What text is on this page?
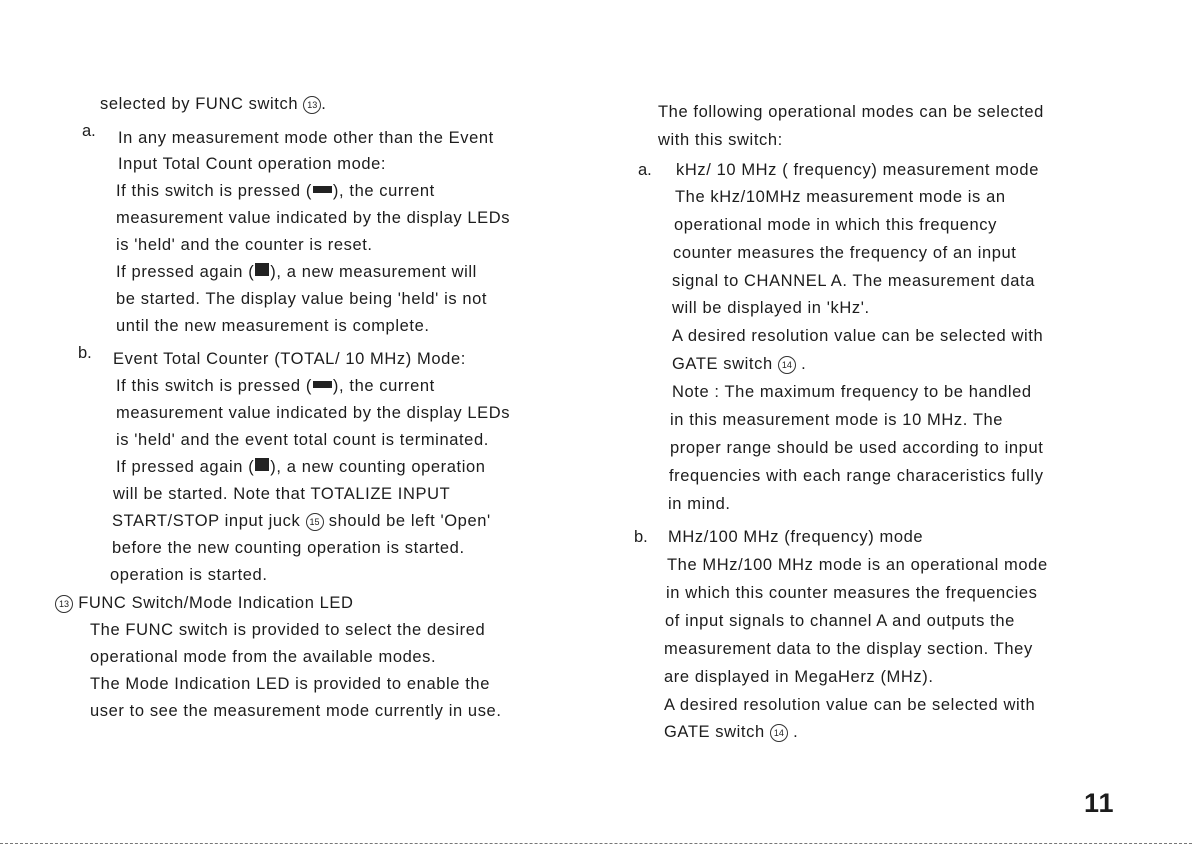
selected by FUNC switch 13 .
a. In any measurement mode other than the Event
Input Total Count operation mode:
If this switch is pressed ( ), the current
measurement value indicated by the display LEDs
is 'held' and the counter is reset.
If pressed again ( ), a new measurement will
be started. The display value being 'held' is not
until the new measurement is complete.
b. Event Total Counter (TOTAL/ 10 MHz) Mode:
If this switch is pressed ( ), the current
measurement value indicated by the display LEDs
is 'held' and the event total count is terminated.
If pressed again ( ), a new counting operation
will be started. Note that TOTALIZE INPUT
START/STOP input juck 15 should be left 'Open'
before the new counting operation is started.
operation is started.
13 FUNC Switch/Mode Indication LED
The FUNC switch is provided to select the desired
operational mode from the available modes.
The Mode Indication LED is provided to enable the
user to see the measurement mode currently in use.
The following operational modes can be selected
with this switch:
a. kHz/ 10 MHz ( frequency) measurement mode
The kHz/10MHz measurement mode is an
operational mode in which this frequency
counter measures the frequency of an input
signal to CHANNEL A. The measurement data
will be displayed in 'kHz'.
A desired resolution value can be selected with
GATE switch 14 .
Note : The maximum frequency to be handled
in this measurement mode is 10 MHz. The
proper range should be used according to input
frequencies with each range characeristics fully
in mind.
b. MHz/100 MHz (frequency) mode
The MHz/100 MHz mode is an operational mode
in which this counter measures the frequencies
of input signals to channel A and outputs the
measurement data to the display section. They
are displayed in MegaHerz (MHz).
A desired resolution value can be selected with
GATE switch 14 .
11
